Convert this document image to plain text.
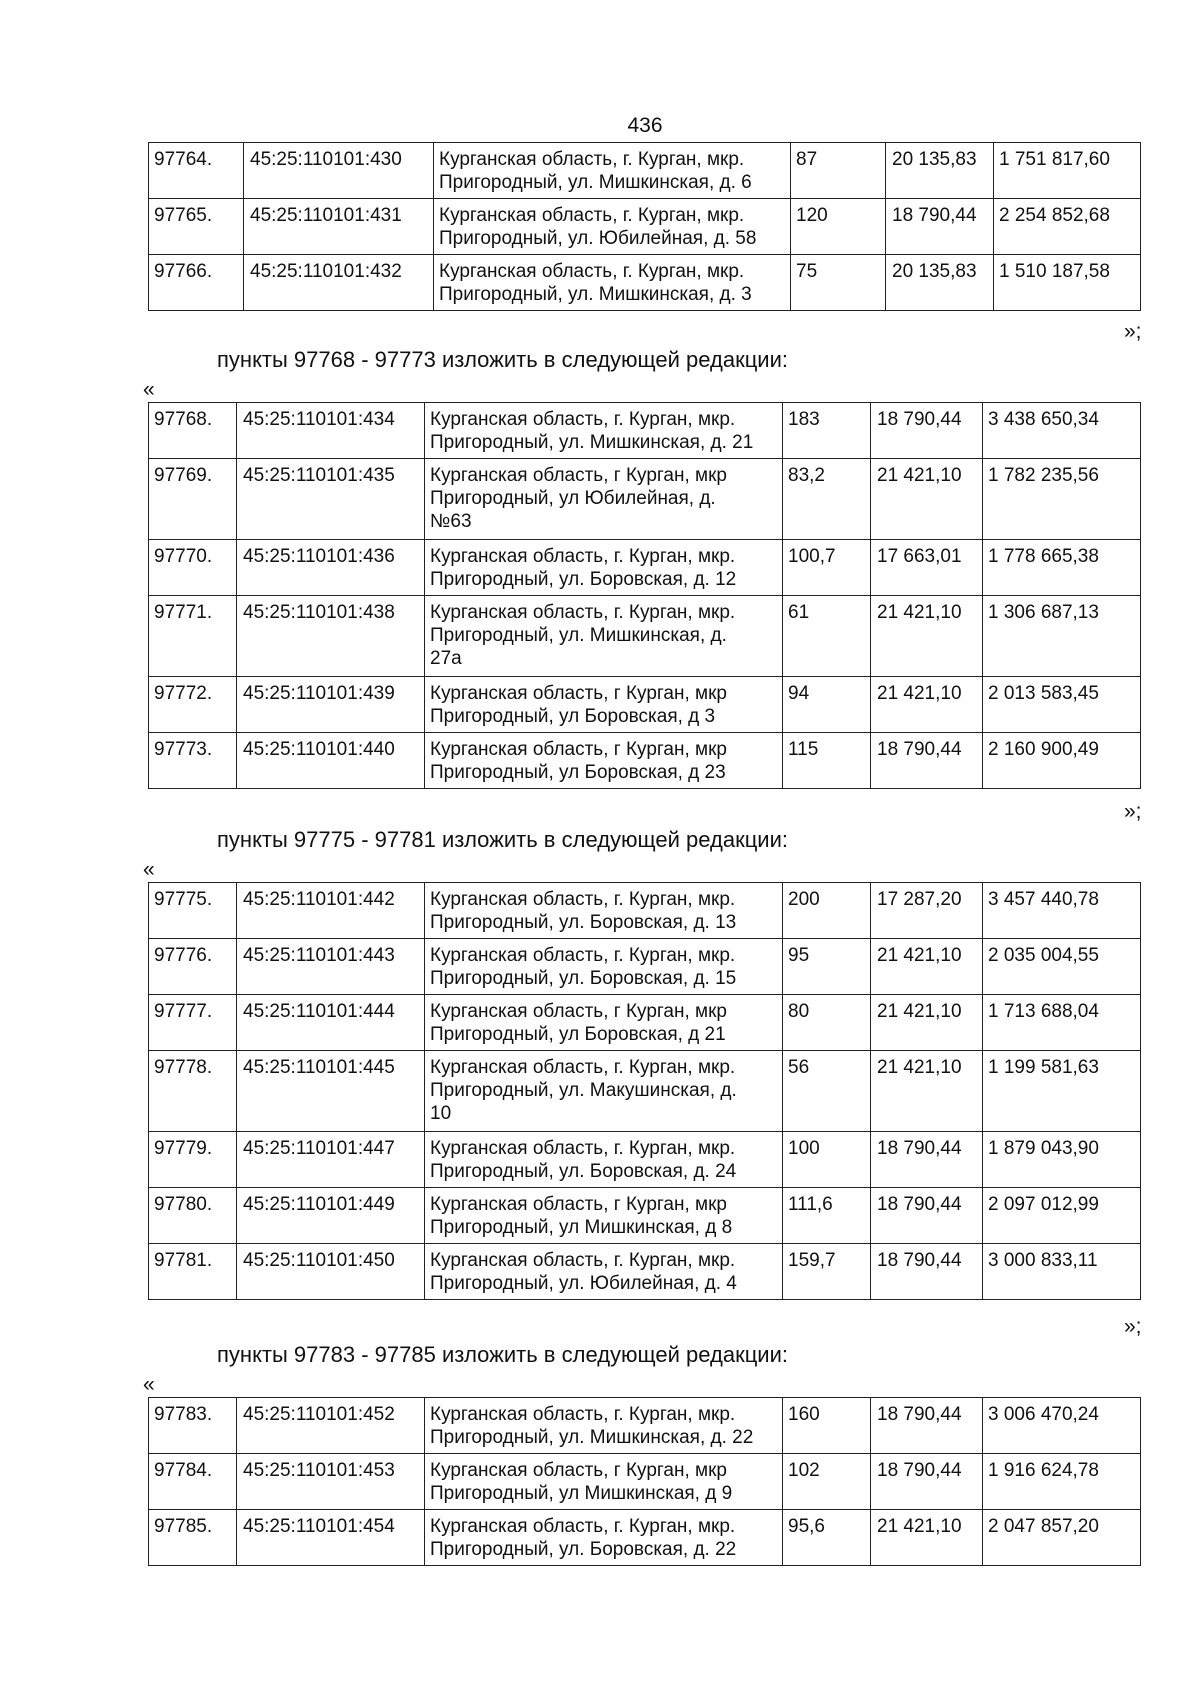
436
97764.	45:25:110101:430	Курганская область, г. Курган, мкр.
Пригородный, ул. Мишкинская, д. 6	87	20 135,83	1 751 817,60
97765.	45:25:110101:431	Курганская область, г. Курган, мкр.
Пригородный, ул. Юбилейная, д. 58	120	18 790,44	2 254 852,68
97766.	45:25:110101:432	Курганская область, г. Курган, мкр.
Пригородный, ул. Мишкинская, д. 3	75	20 135,83	1 510 187,58
»;
пункты 97768 - 97773 изложить в следующей редакции:
«
97768.	45:25:110101:434	Курганская область, г. Курган, мкр.
Пригородный, ул. Мишкинская, д. 21	183	18 790,44	3 438 650,34
97769.	45:25:110101:435	Курганская область, г Курган, мкр
Пригородный, ул Юбилейная, д.
№63	83,2	21 421,10	1 782 235,56
97770.	45:25:110101:436	Курганская область, г. Курган, мкр.
Пригородный, ул. Боровская, д. 12	100,7	17 663,01	1 778 665,38
97771.	45:25:110101:438	Курганская область, г. Курган, мкр.
Пригородный, ул. Мишкинская, д.
27а	61	21 421,10	1 306 687,13
97772.	45:25:110101:439	Курганская область, г Курган, мкр
Пригородный, ул Боровская, д 3	94	21 421,10	2 013 583,45
97773.	45:25:110101:440	Курганская область, г Курган, мкр
Пригородный, ул Боровская, д 23	115	18 790,44	2 160 900,49
»;
пункты 97775 - 97781 изложить в следующей редакции:
«
97775.	45:25:110101:442	Курганская область, г. Курган, мкр.
Пригородный, ул. Боровская, д. 13	200	17 287,20	3 457 440,78
97776.	45:25:110101:443	Курганская область, г. Курган, мкр.
Пригородный, ул. Боровская, д. 15	95	21 421,10	2 035 004,55
97777.	45:25:110101:444	Курганская область, г Курган, мкр
Пригородный, ул Боровская, д 21	80	21 421,10	1 713 688,04
97778.	45:25:110101:445	Курганская область, г. Курган, мкр.
Пригородный, ул. Макушинская, д.
10	56	21 421,10	1 199 581,63
97779.	45:25:110101:447	Курганская область, г. Курган, мкр.
Пригородный, ул. Боровская, д. 24	100	18 790,44	1 879 043,90
97780.	45:25:110101:449	Курганская область, г Курган, мкр
Пригородный, ул Мишкинская, д 8	111,6	18 790,44	2 097 012,99
97781.	45:25:110101:450	Курганская область, г. Курган, мкр.
Пригородный, ул. Юбилейная, д. 4	159,7	18 790,44	3 000 833,11
»;
пункты 97783 - 97785 изложить в следующей редакции:
«
97783.	45:25:110101:452	Курганская область, г. Курган, мкр.
Пригородный, ул. Мишкинская, д. 22	160	18 790,44	3 006 470,24
97784.	45:25:110101:453	Курганская область, г Курган, мкр
Пригородный, ул Мишкинская, д 9	102	18 790,44	1 916 624,78
97785.	45:25:110101:454	Курганская область, г. Курган, мкр.
Пригородный, ул. Боровская, д. 22	95,6	21 421,10	2 047 857,20
